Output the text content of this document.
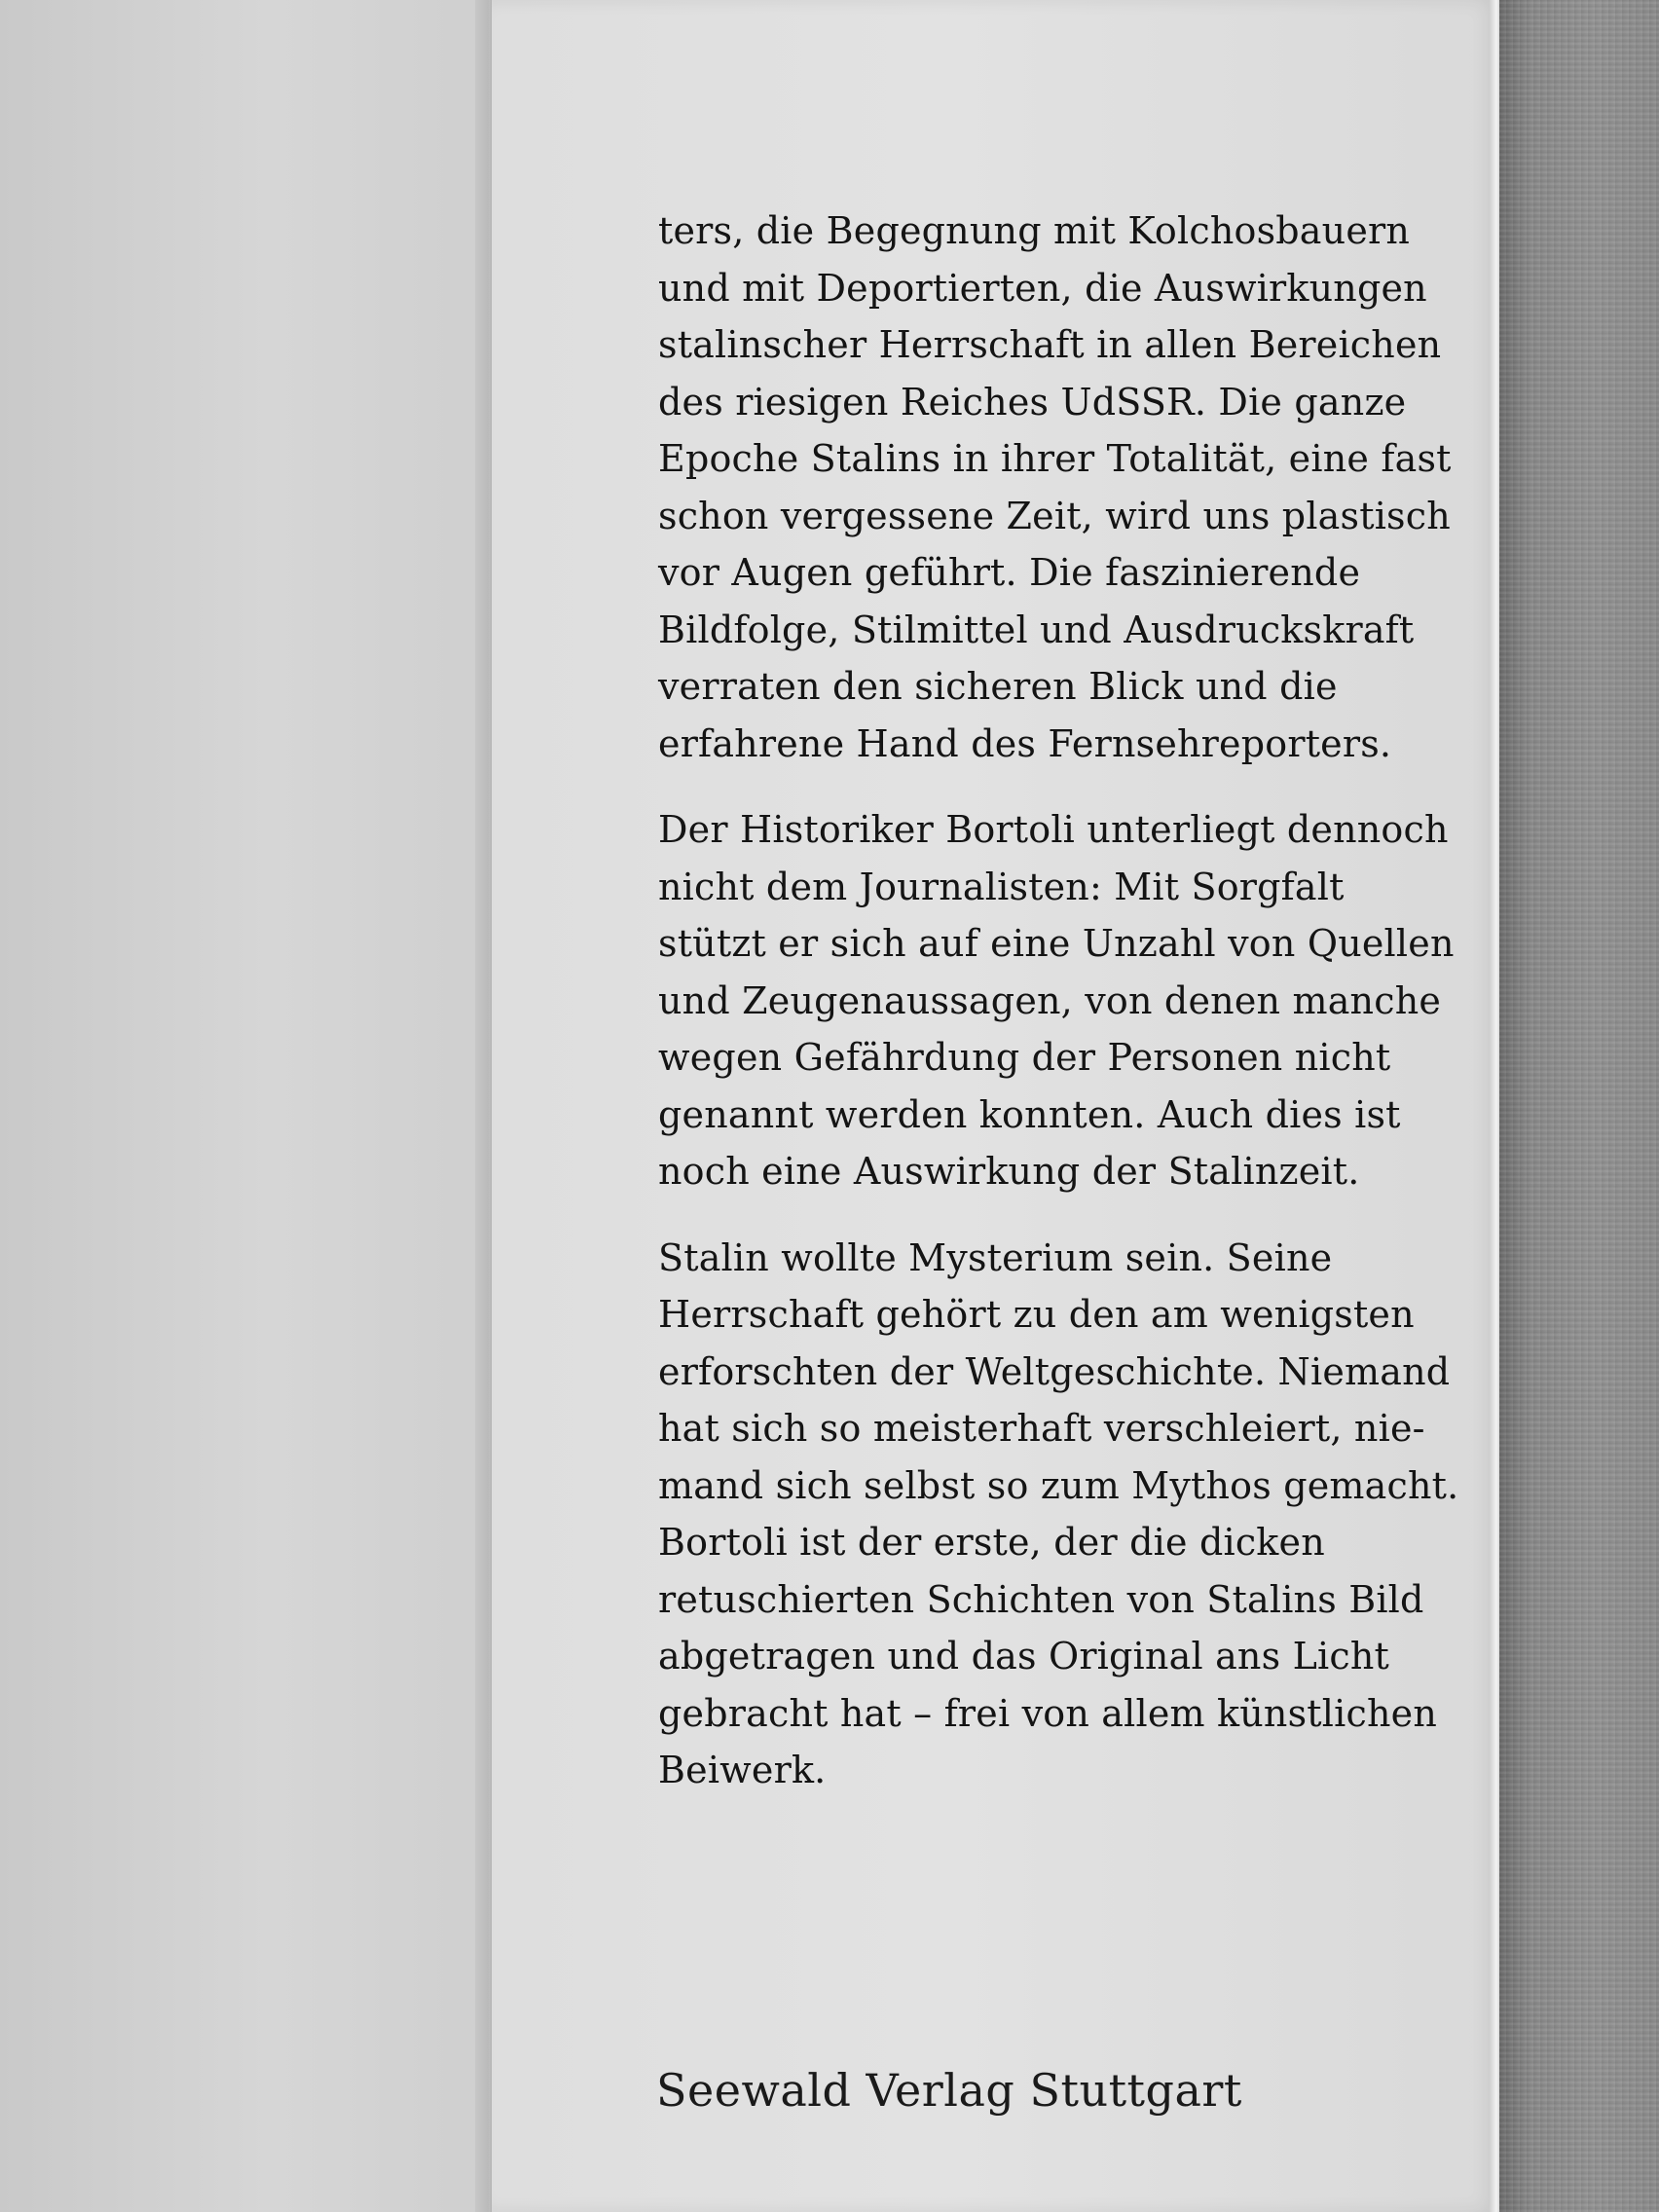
ters, die Begegnung mit Kolchosbauern
und mit Deportierten, die Auswirkungen
stalinscher Herrschaft in allen Bereichen
des riesigen Reiches UdSSR. Die ganze
Epoche Stalins in ihrer Totalität, eine fast
schon vergessene Zeit, wird uns plastisch
vor Augen geführt. Die faszinierende
Bildfolge, Stilmittel und Ausdruckskraft
verraten den sicheren Blick und die
erfahrene Hand des Fernsehreporters.

Der Historiker Bortoli unterliegt dennoch
nicht dem Journalisten: Mit Sorgfalt
stützt er sich auf eine Unzahl von Quellen
und Zeugenaussagen, von denen manche
wegen Gefährdung der Personen nicht
genannt werden konnten. Auch dies ist
noch eine Auswirkung der Stalinzeit.

Stalin wollte Mysterium sein. Seine
Herrschaft gehört zu den am wenigsten
erforschten der Weltgeschichte. Niemand
hat sich so meisterhaft verschleiert, nie-
mand sich selbst so zum Mythos gemacht.
Bortoli ist der erste, der die dicken
retuschierten Schichten von Stalins Bild
abgetragen und das Original ans Licht
gebracht hat – frei von allem künstlichen
Beiwerk.

Seewald Verlag Stuttgart
